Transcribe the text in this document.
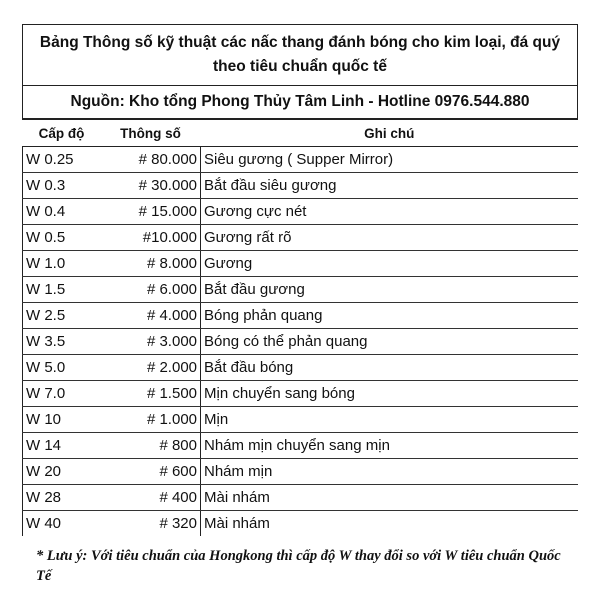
Bảng Thông số kỹ thuật các nấc thang đánh bóng cho kim loại, đá quý theo tiêu chuẩn quốc tế
Nguồn: Kho tổng Phong Thủy Tâm Linh - Hotline 0976.544.880
Cấp độ	Thông số	Ghi chú
W 0.25	# 80.000	Siêu gương ( Supper Mirror)
W 0.3	# 30.000	Bắt đầu siêu gương
W 0.4	# 15.000	Gương cực nét
W 0.5	#10.000	Gương rất rõ
W 1.0	# 8.000	Gương
W 1.5	# 6.000	Bắt đầu gương
W 2.5	# 4.000	Bóng phản quang
W 3.5	# 3.000	Bóng có thể phản quang
W 5.0	# 2.000	Bắt đầu bóng
W 7.0	# 1.500	Mịn chuyển sang bóng
W 10	# 1.000	Mịn
W 14	# 800	Nhám mịn chuyển sang mịn
W 20	# 600	Nhám mịn
W 28	# 400	Mài nhám
W 40	# 320	Mài nhám
* Lưu ý: Với tiêu chuẩn của Hongkong thì cấp độ W thay đổi so với W tiêu chuẩn Quốc Tế
